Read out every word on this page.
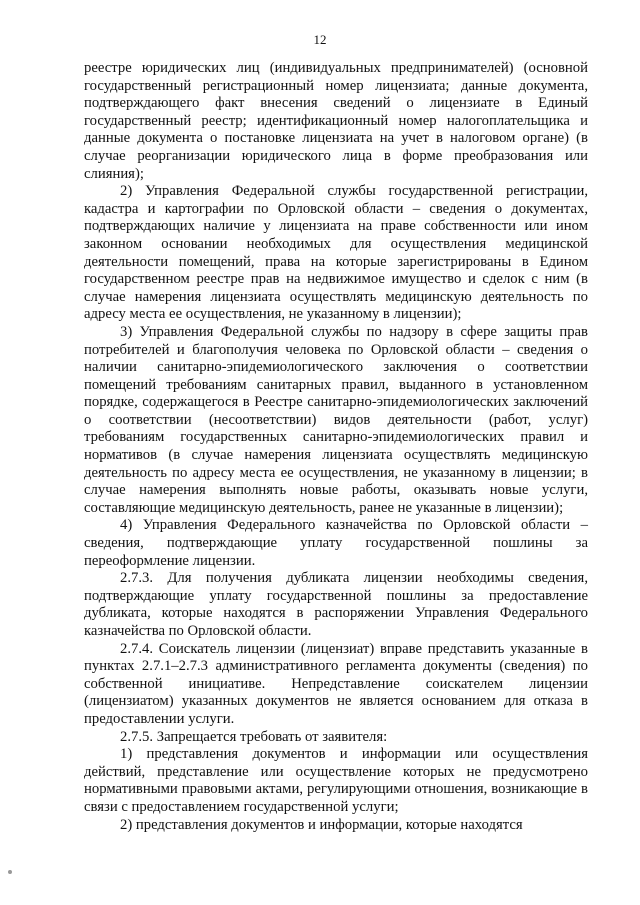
12

реестре юридических лиц (индивидуальных предпринимателей) (основной государственный регистрационный номер лицензиата; данные документа, подтверждающего факт внесения сведений о лицензиате в Единый государственный реестр; идентификационный номер налогоплательщика и данные документа о постановке лицензиата на учет в налоговом органе) (в случае реорганизации юридического лица в форме преобразования или слияния);

2) Управления Федеральной службы государственной регистрации, кадастра и картографии по Орловской области – сведения о документах, подтверждающих наличие у лицензиата на праве собственности или ином законном основании необходимых для осуществления медицинской деятельности помещений, права на которые зарегистрированы в Едином государственном реестре прав на недвижимое имущество и сделок с ним (в случае намерения лицензиата осуществлять медицинскую деятельность по адресу места ее осуществления, не указанному в лицензии);

3) Управления Федеральной службы по надзору в сфере защиты прав потребителей и благополучия человека по Орловской области – сведения о наличии санитарно-эпидемиологического заключения о соответствии помещений требованиям санитарных правил, выданного в установленном порядке, содержащегося в Реестре санитарно-эпидемиологических заключений о соответствии (несоответствии) видов деятельности (работ, услуг) требованиям государственных санитарно-эпидемиологических правил и нормативов (в случае намерения лицензиата осуществлять медицинскую деятельность по адресу места ее осуществления, не указанному в лицензии; в случае намерения выполнять новые работы, оказывать новые услуги, составляющие медицинскую деятельность, ранее не указанные в лицензии);

4) Управления Федерального казначейства по Орловской области – сведения, подтверждающие уплату государственной пошлины за переоформление лицензии.

2.7.3. Для получения дубликата лицензии необходимы сведения, подтверждающие уплату государственной пошлины за предоставление дубликата, которые находятся в распоряжении Управления Федерального казначейства по Орловской области.

2.7.4. Соискатель лицензии (лицензиат) вправе представить указанные в пунктах 2.7.1–2.7.3 административного регламента документы (сведения) по собственной инициативе. Непредставление соискателем лицензии (лицензиатом) указанных документов не является основанием для отказа в предоставлении услуги.

2.7.5. Запрещается требовать от заявителя:

1) представления документов и информации или осуществления действий, представление или осуществление которых не предусмотрено нормативными правовыми актами, регулирующими отношения, возникающие в связи с предоставлением государственной услуги;

2) представления документов и информации, которые находятся
